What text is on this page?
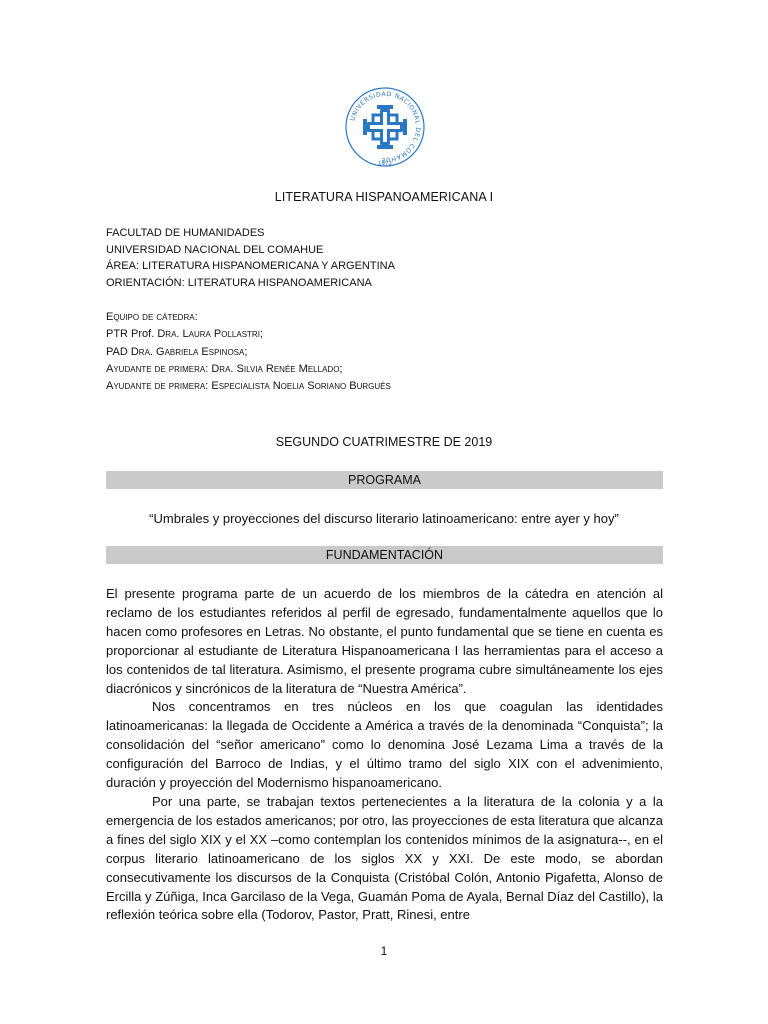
UNIVERSIDAD NACIONAL DEL COMAHUE
1972
LITERATURA HISPANOAMERICANA I
FACULTAD DE HUMANIDADES
UNIVERSIDAD NACIONAL DEL COMAHUE
ÁREA: LITERATURA HISPANOMERICANA Y ARGENTINA
ORIENTACIÓN: LITERATURA HISPANOAMERICANA
Equipo de cátedra:
PTR Prof. Dra. Laura Pollastri;
PAD Dra. Gabriela Espinosa;
Ayudante de primera: Dra. Silvia Renée Mellado;
Ayudante de primera: Especialista Noelia Soriano Burgués
SEGUNDO CUATRIMESTRE DE 2019
PROGRAMA
“Umbrales y proyecciones del discurso literario latinoamericano: entre ayer y hoy”
FUNDAMENTACIÓN

El presente programa parte de un acuerdo de los miembros de la cátedra en atención al reclamo de los estudiantes referidos al perfil de egresado, fundamentalmente aquellos que lo hacen como profesores en Letras. No obstante, el punto fundamental que se tiene en cuenta es proporcionar al estudiante de Literatura Hispanoamericana I las herramientas para el acceso a los contenidos de tal literatura. Asimismo, el presente programa cubre simultáneamente los ejes diacrónicos y sincrónicos de la literatura de “Nuestra América”.

Nos concentramos en tres núcleos en los que coagulan las identidades latinoamericanas: la llegada de Occidente a América a través de la denominada “Conquista”; la consolidación del “señor americano” como lo denomina José Lezama Lima a través de la configuración del Barroco de Indias, y el último tramo del siglo XIX con el advenimiento, duración y proyección del Modernismo hispanoamericano.

Por una parte, se trabajan textos pertenecientes a la literatura de la colonia y a la emergencia de los estados americanos; por otro, las proyecciones de esta literatura que alcanza a fines del siglo XIX y el XX –como contemplan los contenidos mínimos de la asignatura--, en el corpus literario latinoamericano de los siglos XX y XXI. De este modo, se abordan consecutivamente los discursos de la Conquista (Cristóbal Colón, Antonio Pigafetta, Alonso de Ercilla y Zúñiga, Inca Garcilaso de la Vega, Guamán Poma de Ayala, Bernal Díaz del Castillo), la reflexión teórica sobre ella (Todorov, Pastor, Pratt, Rinesi, entre

1
